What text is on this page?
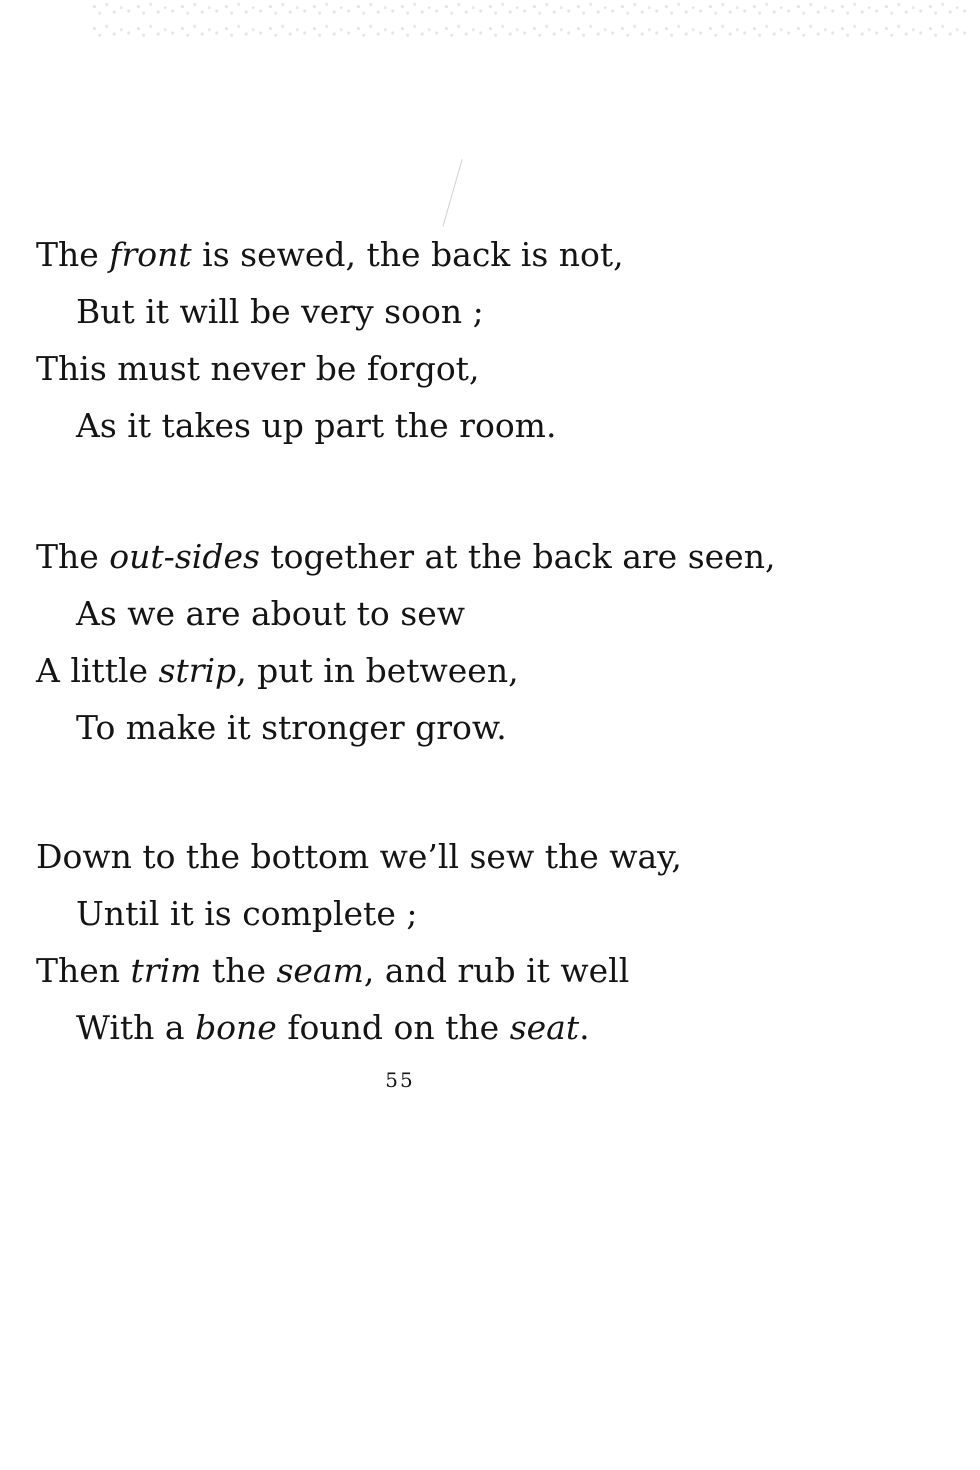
The front is sewed, the back is not,
But it will be very soon ;
This must never be forgot,
As it takes up part the room.
The out-sides together at the back are seen,
As we are about to sew
A little strip, put in between,
To make it stronger grow.
Down to the bottom we’ll sew the way,
Until it is complete ;
Then trim the seam, and rub it well
With a bone found on the seat.
55
